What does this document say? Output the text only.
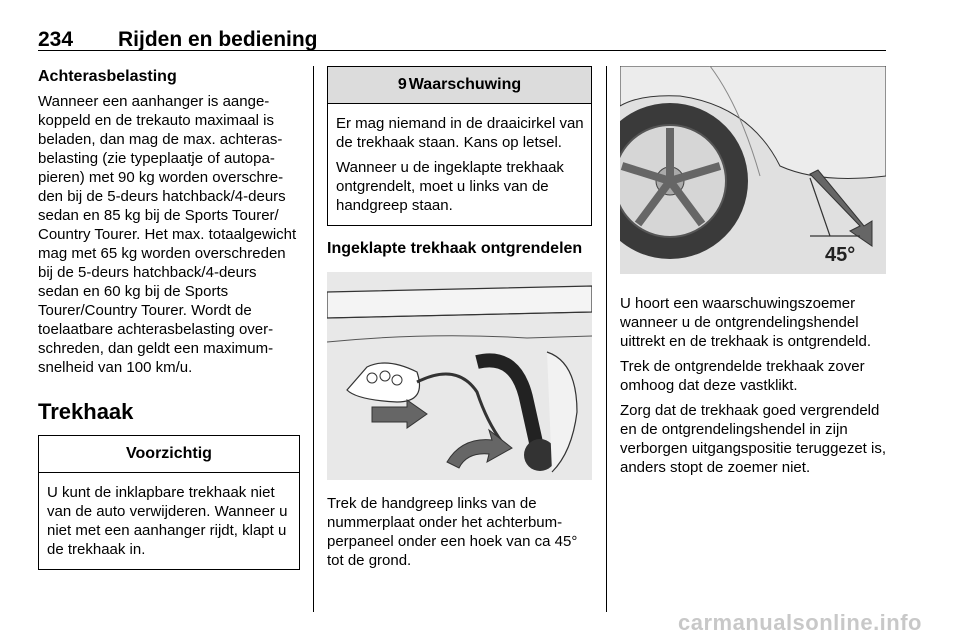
234 Rijden en bediening
Achterasbelasting

Wanneer een aanhanger is aangekoppeld en de trekauto maximaal is beladen, dan mag de max. achterasbelasting (zie typeplaatje of autopapieren) met 90 kg worden overschreden bij de 5-deurs hatchback/4-deurs sedan en 85 kg bij de Sports Tourer/ Country Tourer. Het max. totaalgewicht mag met 65 kg worden overschreden bij de 5-deurs hatchback/4-deurs sedan en 60 kg bij de Sports Tourer/Country Tourer. Wordt de toelaatbare achterasbelasting overschreden, dan geldt een maximumsnelheid van 100 km/u.

Trekhaak
Voorzichtig

U kunt de inklapbare trekhaak niet van de auto verwijderen. Wanneer u niet met een aanhanger rijdt, klapt u de trekhaak in.

9 Waarschuwing

Er mag niemand in de draaicirkel van de trekhaak staan. Kans op letsel.

Wanneer u de ingeklapte trekhaak ontgrendelt, moet u links van de handgreep staan.

Ingeklapte trekhaak ontgrendelen

Trek de handgreep links van de nummerplaat onder het achterbumperpaneel onder een hoek van ca 45° tot de grond.

45°

U hoort een waarschuwingszoemer wanneer u de ontgrendelingshendel uittrekt en de trekhaak is ontgrendeld.

Trek de ontgrendelde trekhaak zover omhoog dat deze vastklikt.

Zorg dat de trekhaak goed vergrendeld en de ontgrendelingshendel in zijn verborgen uitgangspositie teruggezet is, anders stopt de zoemer niet.

carmanualsonline.info
